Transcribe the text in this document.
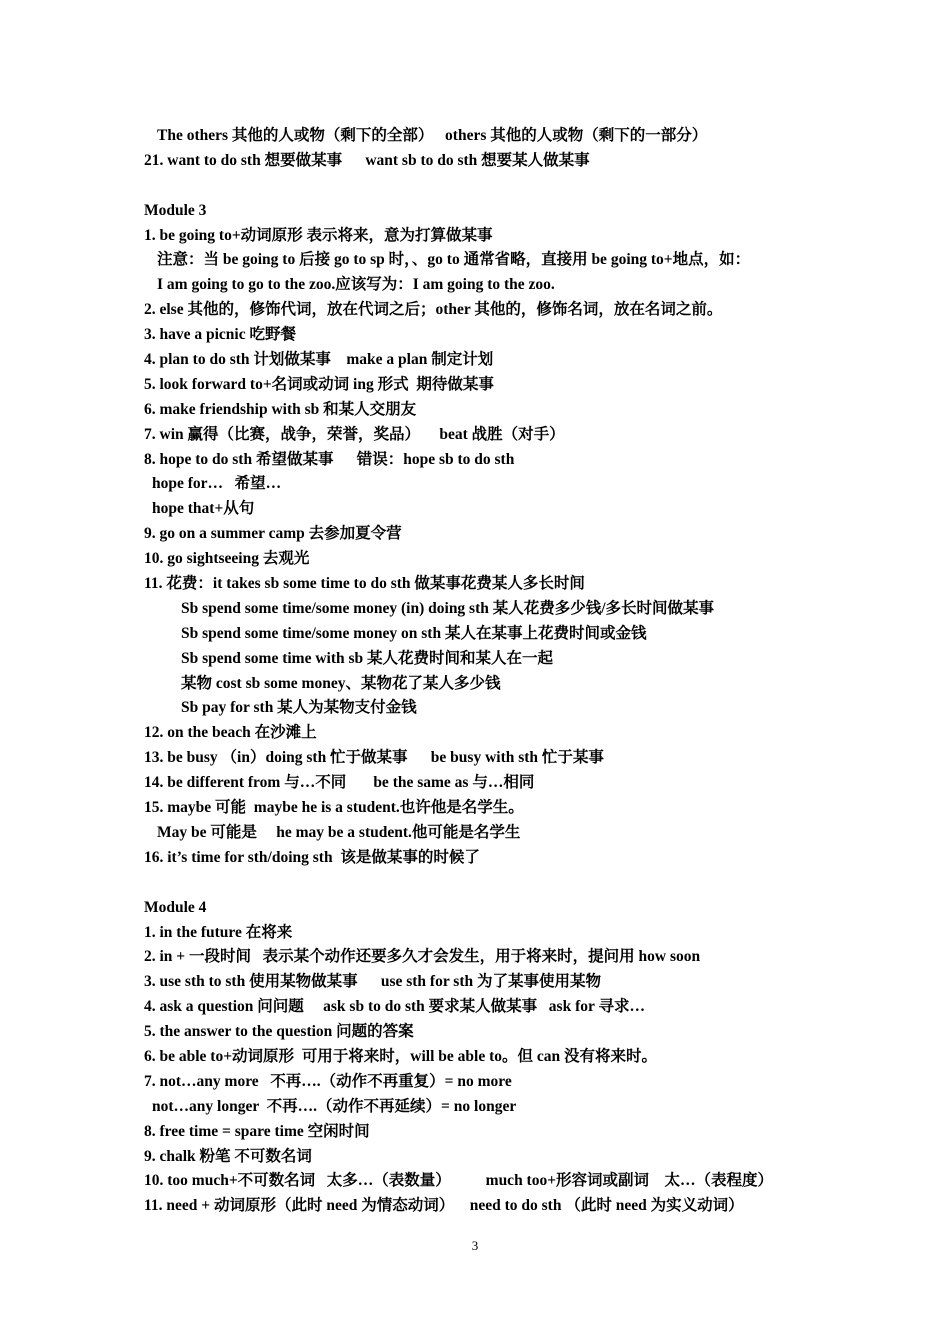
The others 其他的人或物（剩下的全部）   others 其他的人或物（剩下的一部分）

21. want to do sth 想要做某事      want sb to do sth 想要某人做某事

Module 3

1. be going to+动词原形 表示将来，意为打算做某事

注意：当 be going to 后接 go to sp 时，、go to 通常省略，直接用 be going to+地点，如：

I am going to go to the zoo.应该写为：I am going to the zoo.

2. else 其他的，修饰代词，放在代词之后；other 其他的，修饰名词，放在名词之前。

3. have a picnic 吃野餐

4. plan to do sth 计划做某事    make a plan 制定计划

5. look forward to+名词或动词 ing 形式  期待做某事

6. make friendship with sb 和某人交朋友

7. win 赢得（比赛，战争，荣誉，奖品）     beat 战胜（对手）

8. hope to do sth 希望做某事      错误：hope sb to do sth

hope for…   希望…

hope that+从句

9. go on a summer camp 去参加夏令营

10. go sightseeing 去观光

11. 花费：it takes sb some time to do sth 做某事花费某人多长时间

Sb spend some time/some money (in) doing sth 某人花费多少钱/多长时间做某事

Sb spend some time/some money on sth 某人在某事上花费时间或金钱

Sb spend some time with sb 某人花费时间和某人在一起

某物 cost sb some money、某物花了某人多少钱

Sb pay for sth 某人为某物支付金钱

12. on the beach 在沙滩上

13. be busy （in）doing sth 忙于做某事      be busy with sth 忙于某事

14. be different from 与…不同       be the same as 与…相同

15. maybe 可能  maybe he is a student.也许他是名学生。

May be 可能是     he may be a student.他可能是名学生

16. it’s time for sth/doing sth  该是做某事的时候了

Module 4

1. in the future 在将来

2. in + 一段时间   表示某个动作还要多久才会发生，用于将来时，提问用 how soon

3. use sth to sth 使用某物做某事      use sth for sth 为了某事使用某物

4. ask a question 问问题     ask sb to do sth 要求某人做某事   ask for 寻求…

5. the answer to the question 问题的答案

6. be able to+动词原形  可用于将来时，will be able to。但 can 没有将来时。

7. not…any more   不再….（动作不再重复）= no more

not…any longer  不再….（动作不再延续）= no longer

8. free time = spare time 空闲时间

9. chalk 粉笔 不可数名词

10. too much+不可数名词   太多…（表数量）         much too+形容词或副词    太…（表程度）

11. need + 动词原形（此时 need 为情态动词）    need to do sth （此时 need 为实义动词）

3
